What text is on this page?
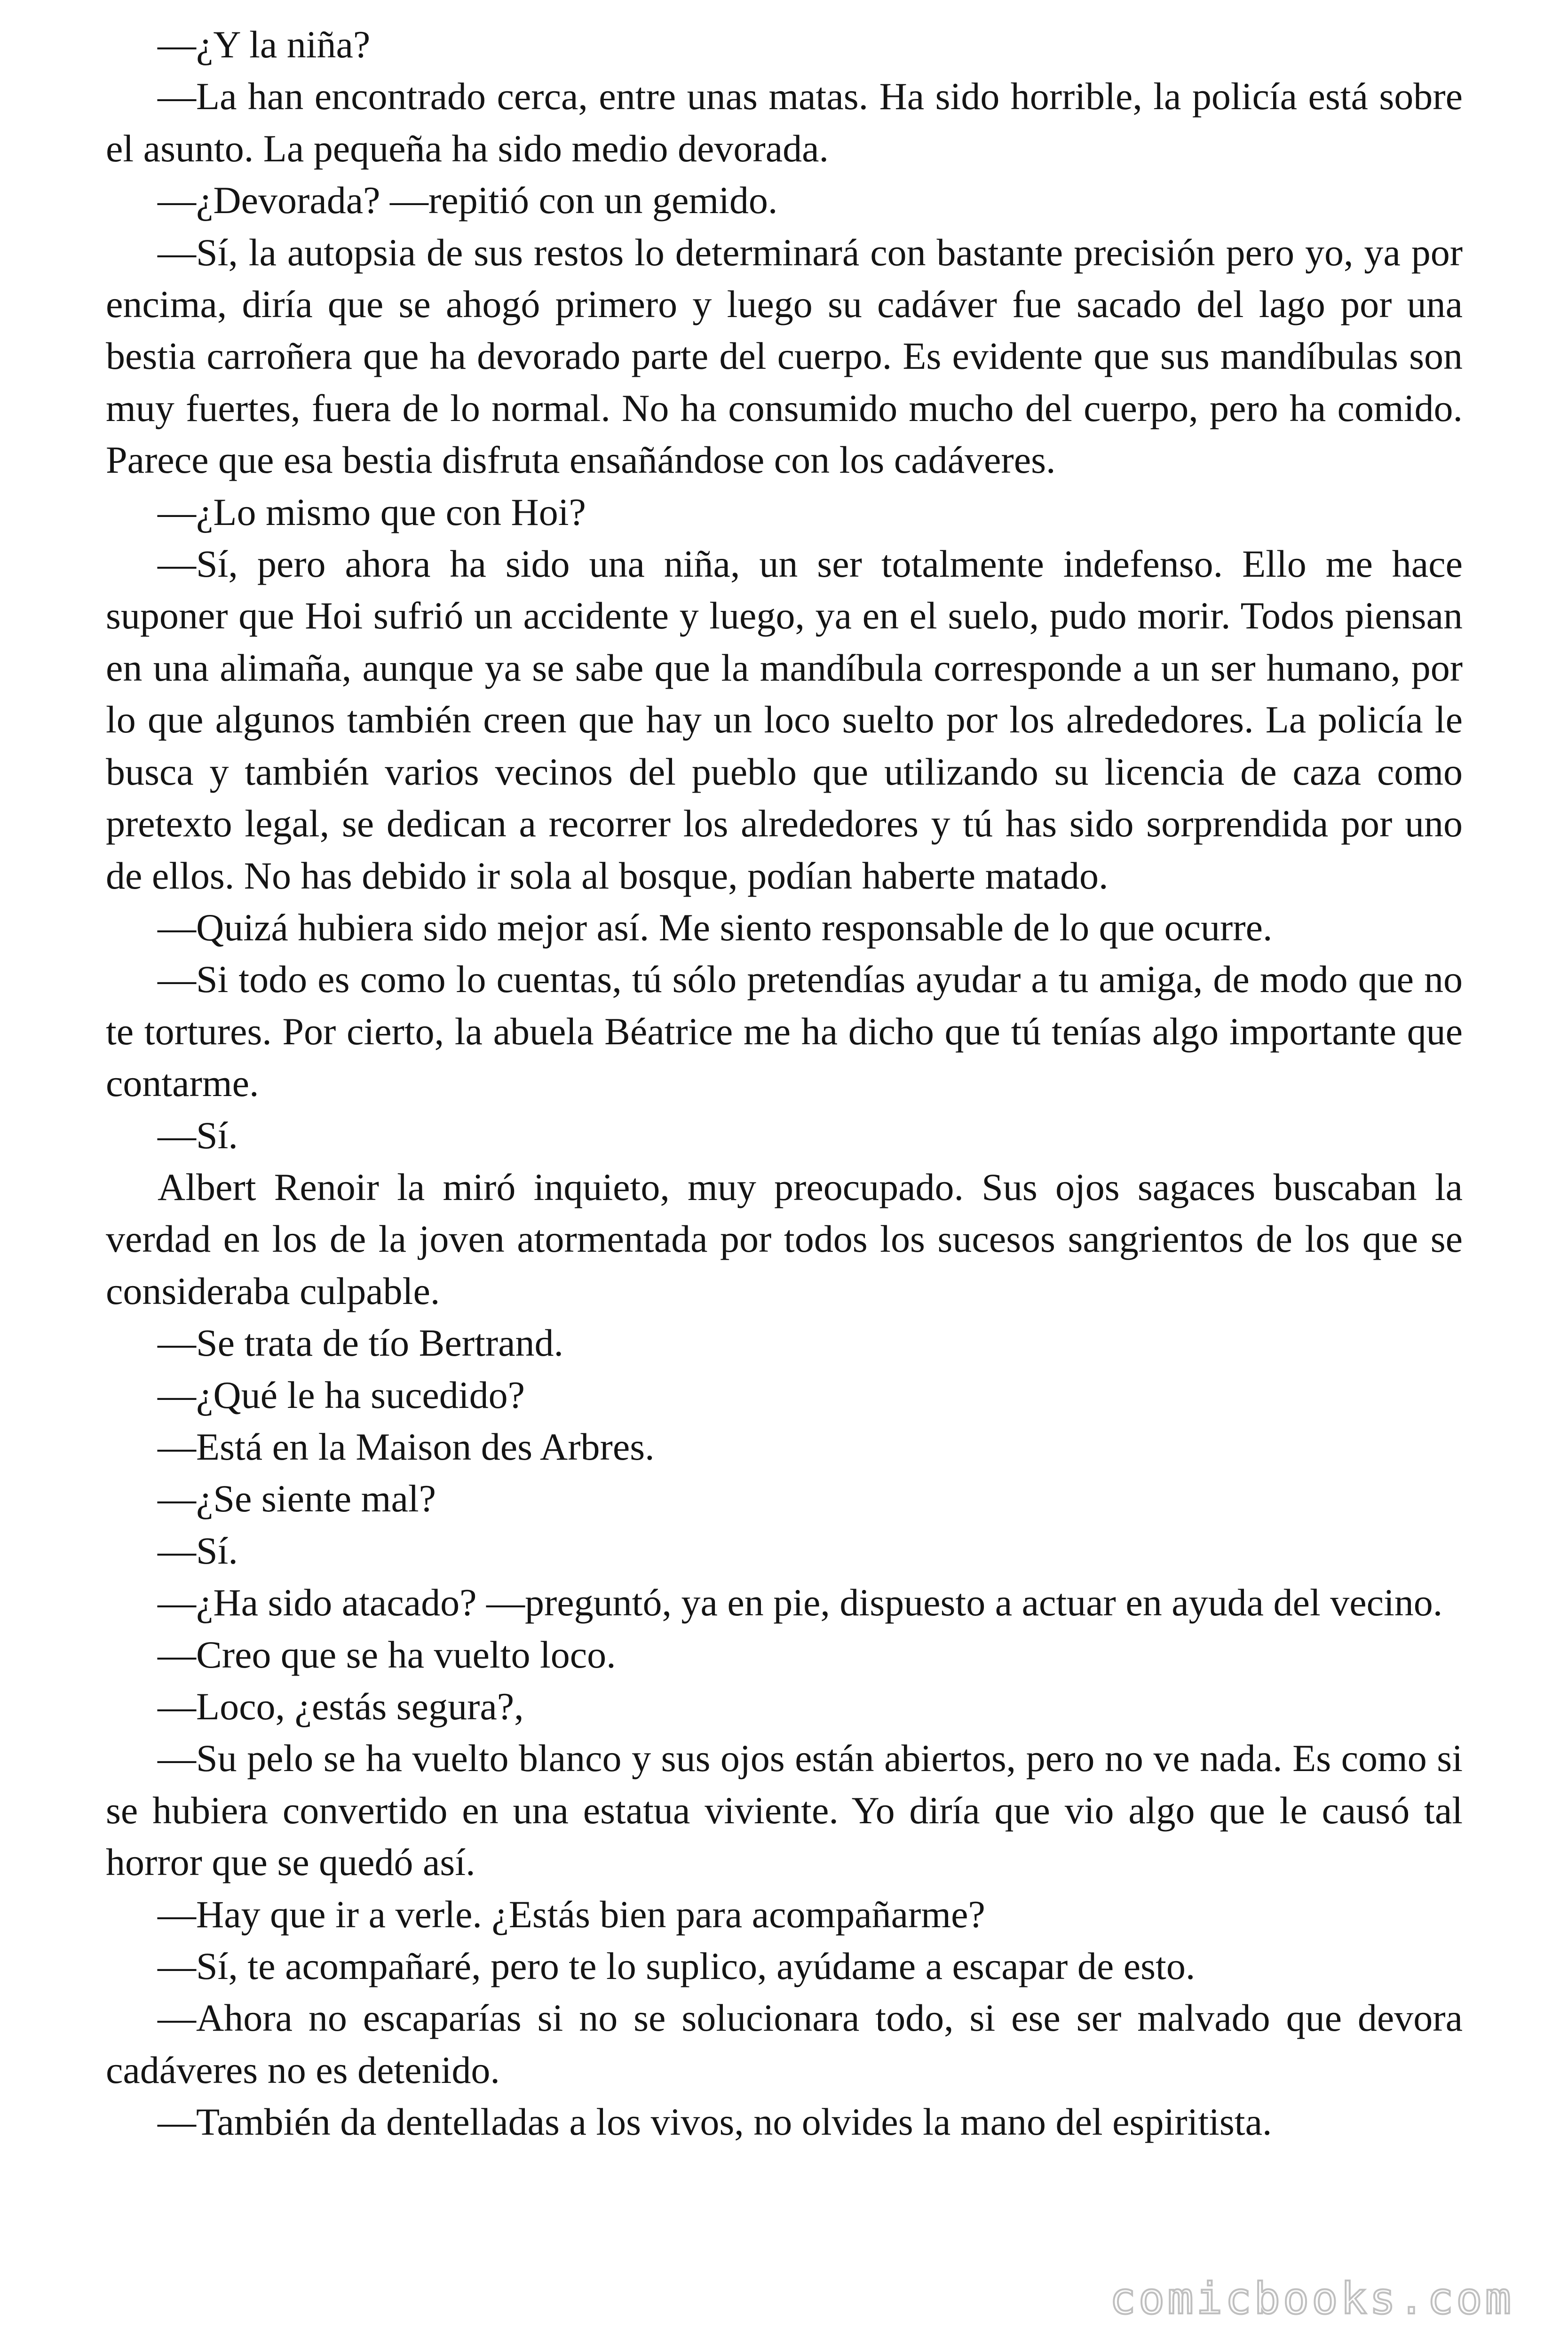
—¿Y la niña?

—La han encontrado cerca, entre unas matas. Ha sido horrible, la policía está sobre el asunto. La pequeña ha sido medio devorada.

—¿Devorada? —repitió con un gemido.

—Sí, la autopsia de sus restos lo determinará con bastante precisión pero yo, ya por encima, diría que se ahogó primero y luego su cadáver fue sacado del lago por una bestia carroñera que ha devorado parte del cuerpo. Es evidente que sus mandíbulas son muy fuertes, fuera de lo normal. No ha consumido mucho del cuerpo, pero ha comido. Parece que esa bestia disfruta ensañándose con los cadáveres.

—¿Lo mismo que con Hoi?

—Sí, pero ahora ha sido una niña, un ser totalmente indefenso. Ello me hace suponer que Hoi sufrió un accidente y luego, ya en el suelo, pudo morir. Todos piensan en una alimaña, aunque ya se sabe que la mandíbula corresponde a un ser humano, por lo que algunos también creen que hay un loco suelto por los alrededores. La policía le busca y también varios vecinos del pueblo que utilizando su licencia de caza como pretexto legal, se dedican a recorrer los alrededores y tú has sido sorprendida por uno de ellos. No has debido ir sola al bosque, podían haberte matado.

—Quizá hubiera sido mejor así. Me siento responsable de lo que ocurre.

—Si todo es como lo cuentas, tú sólo pretendías ayudar a tu amiga, de modo que no te tortures. Por cierto, la abuela Béatrice me ha dicho que tú tenías algo importante que contarme.

—Sí.

Albert Renoir la miró inquieto, muy preocupado. Sus ojos sagaces buscaban la verdad en los de la joven atormentada por todos los sucesos sangrientos de los que se consideraba culpable.

—Se trata de tío Bertrand.

—¿Qué le ha sucedido?

—Está en la Maison des Arbres.

—¿Se siente mal?

—Sí.

—¿Ha sido atacado? —preguntó, ya en pie, dispuesto a actuar en ayuda del vecino.

—Creo que se ha vuelto loco.

—Loco, ¿estás segura?,

—Su pelo se ha vuelto blanco y sus ojos están abiertos, pero no ve nada. Es como si se hubiera convertido en una estatua viviente. Yo diría que vio algo que le causó tal horror que se quedó así.

—Hay que ir a verle. ¿Estás bien para acompañarme?

—Sí, te acompañaré, pero te lo suplico, ayúdame a escapar de esto.

—Ahora no escaparías si no se solucionara todo, si ese ser malvado que devora cadáveres no es detenido.

—También da dentelladas a los vivos, no olvides la mano del espiritista.

comicbooks.com
